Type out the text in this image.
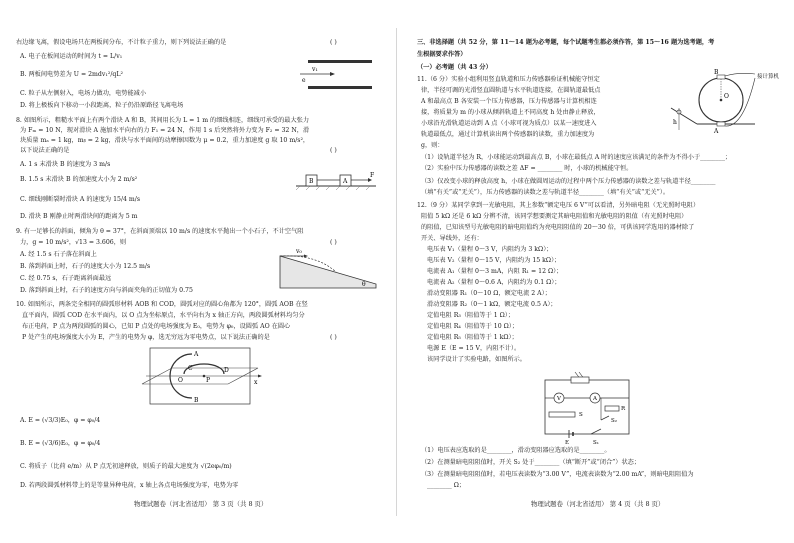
右边缘飞离，假设电场只在两板间分布，不计粒子重力，则下列说法正确的是	( )
A. 电子在板间运动的时间为 t = L/v₁
B. 两板间电势差为 U = 2mdv₁²/qL²
C. 粒子从左侧射入，电场力做功，电势能减小
D. 将上极板向下移动一小段距离，粒子仍沿原路径飞离电场
v₁
e
8. 如图所示，粗糙水平面上有两个滑块 A 和 B，其间用长为 L = 1 m 的细线相连，细线可承受的最大张力
为 Fₘ = 10 N，现对滑块 A 施加水平向右的力 F₁ = 24 N，作用 1 s 后突然将外力变为 F₂ = 32 N，滑
块质量 mₐ = 1 kg，mᵦ = 2 kg，滑块与水平面间的动摩擦因数为 μ = 0.2，重力加速度 g 取 10 m/s²，
以下说法正确的是	( )
A. 1 s 末滑块 B 的速度为 3 m/s
B. 1.5 s 末滑块 B 的加速度大小为 2 m/s²
C. 细线刚断裂时滑块 A 的速度为 15/4 m/s
D. 滑块 B 刚静止时两滑块间的距离为 5 m
B	A
F
9. 有一足够长的斜面，倾角为 θ = 37°，在斜面顶端以 10 m/s 的速度水平抛出一个小石子，不计空气阻
力，g = 10 m/s²，√13 = 3.606，则	( )
A. 经 1.5 s 石子落在斜面上
B. 落到斜面上时，石子的速度大小为 12.5 m/s
C. 经 0.75 s，石子距离斜面最远
D. 落到斜面上时，石子的速度方向与斜面夹角的正切值为 0.75
v₀
θ
10. 如图所示，两条完全相同的圆弧形材料 AOB 和 COD，圆弧对应的圆心角都为 120°，圆弧 AOB 在竖
直平面内，圆弧 COD 在水平面内，以 O 点为坐标原点，水平向右为 x 轴正方向，两段圆弧材料均匀分
布正电荷，P 点为两段圆弧的圆心，已知 P 点处的电场强度为 E₀，电势为 φ₀，设圆弧 AO 在圆心
P 处产生的电场强度大小为 E，产生的电势为 φ，选无穷远为零电势点，以下说法正确的是	( )
A
B
C	D
O	P	x
A. E = (√3/3)E₀，φ = φ₀/4
B. E = (√3/6)E₀，φ = φ₀/4
C. 将质子（比荷 e/m）从 P 点无初速释放，则质子的最大速度为 √(2eφ₀/m)
D. 若两段圆弧材料带上的是等量异种电荷，x 轴上各点电场强度为零，电势为零
物理试题卷（河北省适用） 第 3 页（共 8 页）
三、非选择题（共 52 分，第 11～14 题为必考题，每个试题考生都必须作答，第 15～16 题为选考题，考
生根据要求作答）
（一）必考题（共 43 分）
11.（6 分）实验小组利用竖直轨道和压力传感器验证机械能守恒定
律，半径可调的光滑竖直圆轨道与水平轨道连接，在圆轨道最低点
A 和最高点 B 各安装一个压力传感器，压力传感器与计算机相连
接，将质量为 m 的小球从倾斜轨道上不同高度 h 处由静止释放，
小球沿光滑轨道运动到 A 点（小球可视为质点）以某一速度进入
轨道最低点，通过计算机读出两个传感器的读数，重力加速度为
g，则：
接计算机
B
A
O
h
（1）设轨道半径为 R，小球能运动到最高点 B，小球在最低点 A 时的速度应该满足的条件为不得小于________；
（2）实验中压力传感器的读数之差 ΔF = ________ 时，小球的机械能守恒。
（3）仅改变小球的释放高度 h，小球在做圆周运动的过程中两个压力传感器的读数之差与轨道半径________
（填“有关”或“无关”），压力传感器的读数之差与轨道半径________（填“有关”或“无关”）。
12.（9 分）某同学拿到一光敏电阻，其上参数“额定电压 6 V”可以看清，另外暗电阻（无光照时电阻）
阻值 5 kΩ 还是 6 kΩ 分辨不清，该同学想要测定其暗电阻值和光敏电阻的阻值（有光照时电阻）
的阻值，已知该型号光敏电阻的暗电阻值约为亮电阻阻值的 20～30 倍，可供该同学选用的器材除了
开关、导线外，还有：
电压表 V₁（量程 0～3 V，内阻约为 3 kΩ）；
电压表 V₂（量程 0～15 V，内阻约为 15 kΩ）；
电流表 A₁（量程 0～3 mA，内阻 R₁ = 12 Ω）；
电流表 A₂（量程 0～0.6 A，内阻约为 0.1 Ω）；
滑动变阻器 R₁（0～10 Ω，额定电流 2 A）；
滑动变阻器 R₂（0～1 kΩ，额定电流 0.5 A）；
定值电阻 R₃（阻值等于 1 Ω）；
定值电阻 R₄（阻值等于 10 Ω）；
定值电阻 R₅（阻值等于 1 kΩ）；
电源 E（E = 15 V，内阻不计）。
该同学设计了实验电路，如图所示。
V	A
R
S₂
E	S₁
S
（1）电压表应选取的是________，滑动变阻器应选取的是________。
（2）在测量暗电阻阻值时，开关 S₂ 处于________（填“断开”或“闭合”）状态；
（3）在测量暗电阻阻值时，若电压表读数为“3.00 V”，电流表读数为“2.00 mA”，则暗电阻阻值为
________ Ω；
物理试题卷（河北省适用） 第 4 页（共 8 页）
